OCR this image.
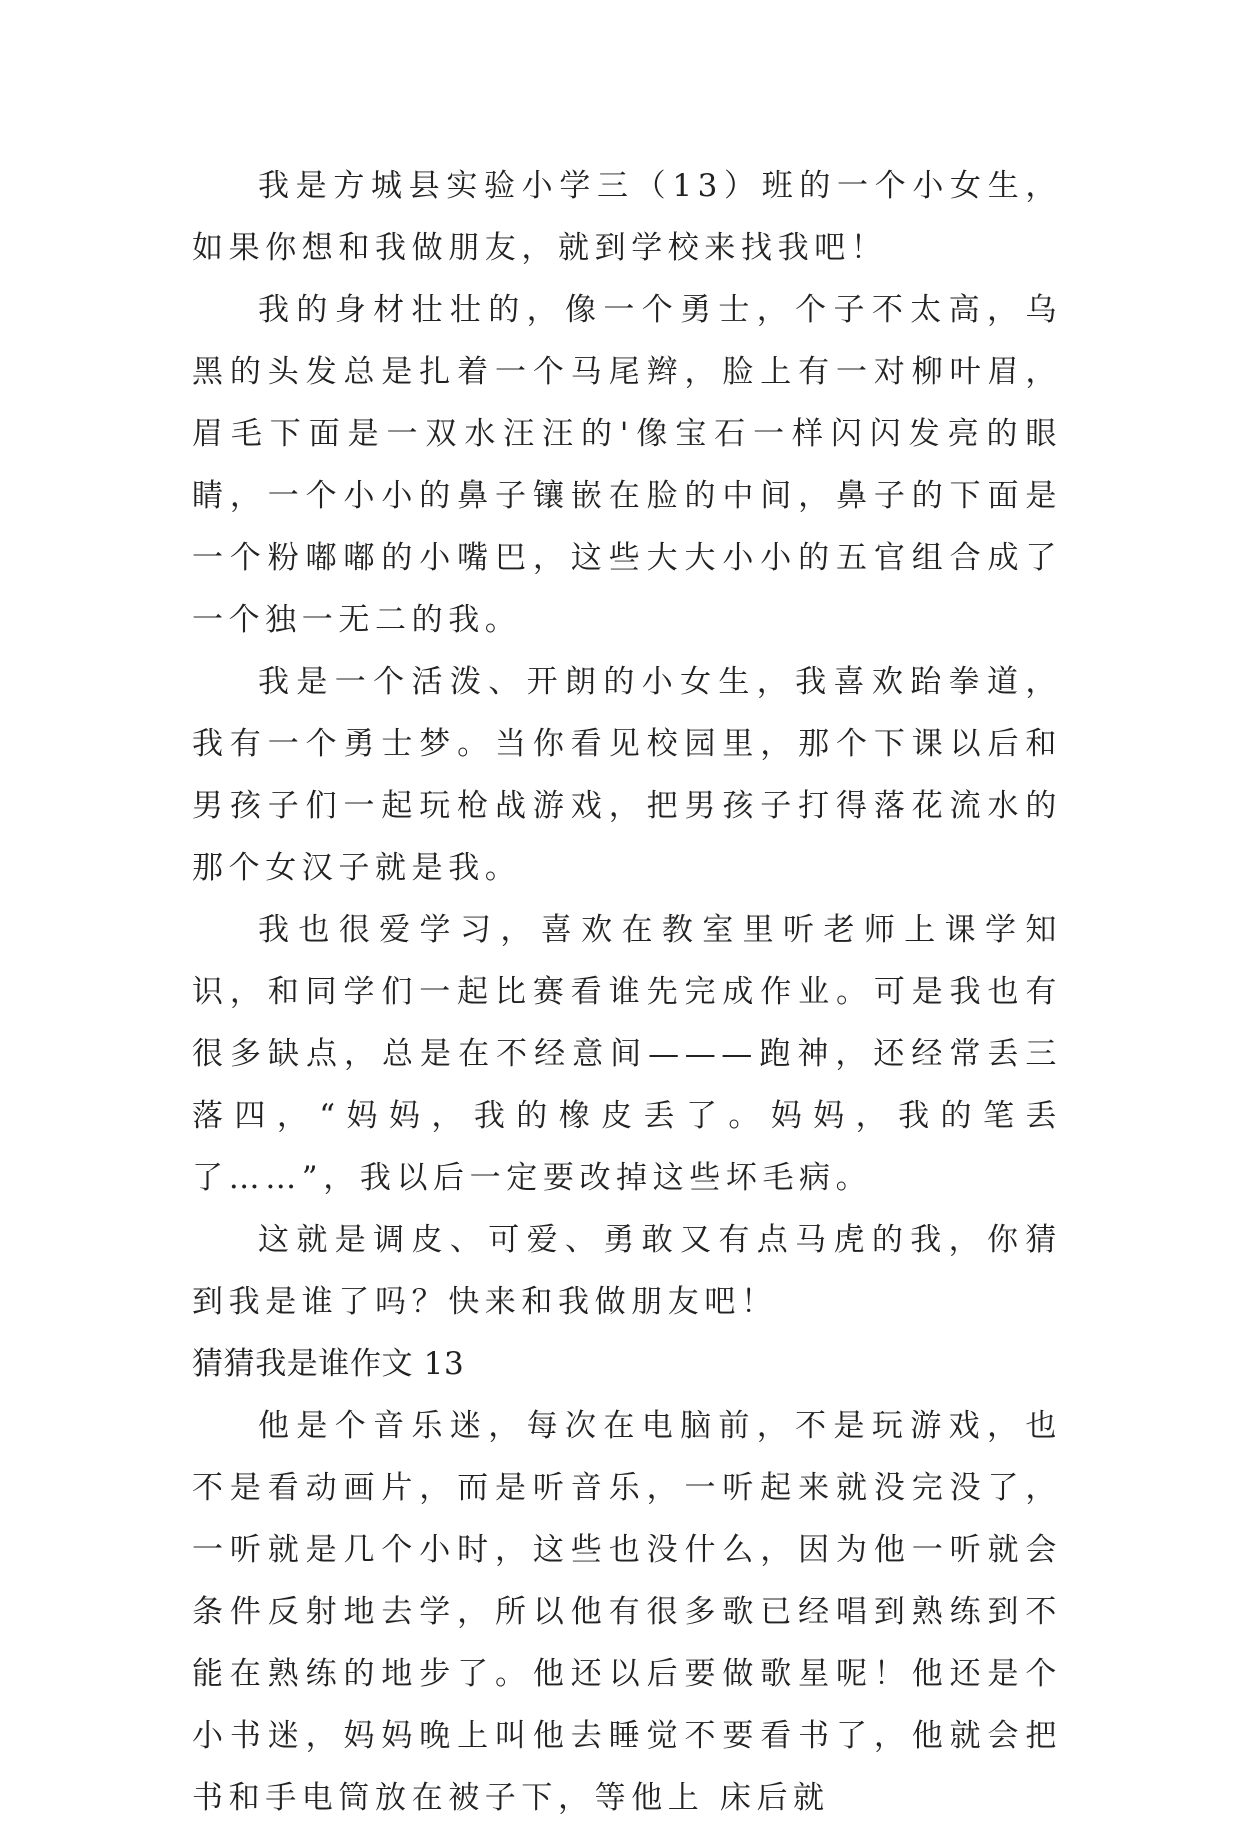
我是方城县实验小学三（13）班的一个小女生，如果你想和我做朋友，就到学校来找我吧！

我的身材壮壮的，像一个勇士，个子不太高，乌黑的头发总是扎着一个马尾辫，脸上有一对柳叶眉，眉毛下面是一双水汪汪的'像宝石一样闪闪发亮的眼睛，一个小小的鼻子镶嵌在脸的中间，鼻子的下面是一个粉嘟嘟的小嘴巴，这些大大小小的五官组合成了一个独一无二的我。

我是一个活泼、开朗的小女生，我喜欢跆拳道，我有一个勇士梦。当你看见校园里，那个下课以后和男孩子们一起玩枪战游戏，把男孩子打得落花流水的那个女汉子就是我。

我也很爱学习，喜欢在教室里听老师上课学知识，和同学们一起比赛看谁先完成作业。可是我也有很多缺点，总是在不经意间———跑神，还经常丢三落四，“妈妈，我的橡皮丢了。妈妈，我的笔丢了……”，我以后一定要改掉这些坏毛病。

这就是调皮、可爱、勇敢又有点马虎的我，你猜到我是谁了吗？快来和我做朋友吧！

猜猜我是谁作文 13

他是个音乐迷，每次在电脑前，不是玩游戏，也不是看动画片，而是听音乐，一听起来就没完没了，一听就是几个小时，这些也没什么，因为他一听就会条件反射地去学，所以他有很多歌已经唱到熟练到不能在熟练的地步了。他还以后要做歌星呢！他还是个小书迷，妈妈晚上叫他去睡觉不要看书了，他就会把书和手电筒放在被子下，等他上 床后就
